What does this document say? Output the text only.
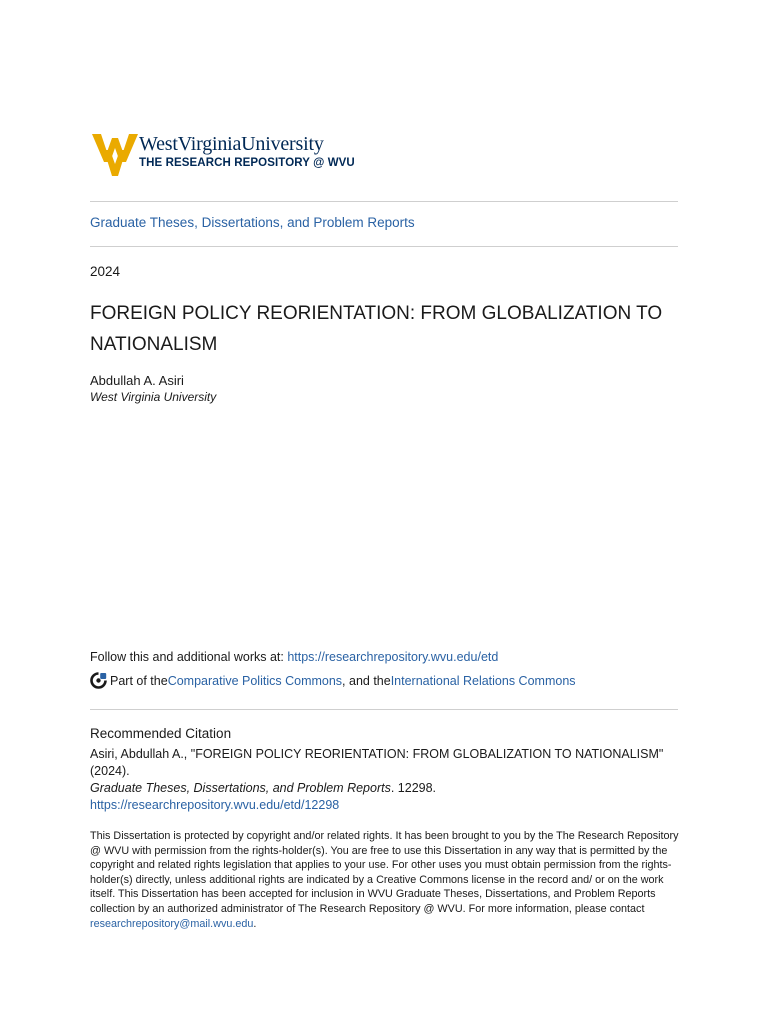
WestVirginiaUniversity
THE RESEARCH REPOSITORY @ WVU
Graduate Theses, Dissertations, and Problem Reports
2024
FOREIGN POLICY REORIENTATION: FROM GLOBALIZATION TO
NATIONALISM
Abdullah A. Asiri
West Virginia University
Follow this and additional works at: https://researchrepository.wvu.edu/etd
Part of the Comparative Politics Commons , and the International Relations Commons
Recommended Citation
Asiri, Abdullah A., "FOREIGN POLICY REORIENTATION: FROM GLOBALIZATION TO NATIONALISM" (2024).
Graduate Theses, Dissertations, and Problem Reports. 12298.
https://researchrepository.wvu.edu/etd/12298
This Dissertation is protected by copyright and/or related rights. It has been brought to you by the The Research Repository @ WVU with permission from the rights-holder(s). You are free to use this Dissertation in any way that is permitted by the copyright and related rights legislation that applies to your use. For other uses you must obtain permission from the rights-holder(s) directly, unless additional rights are indicated by a Creative Commons license in the record and/ or on the work itself. This Dissertation has been accepted for inclusion in WVU Graduate Theses, Dissertations, and Problem Reports collection by an authorized administrator of The Research Repository @ WVU. For more information, please contact researchrepository@mail.wvu.edu.
